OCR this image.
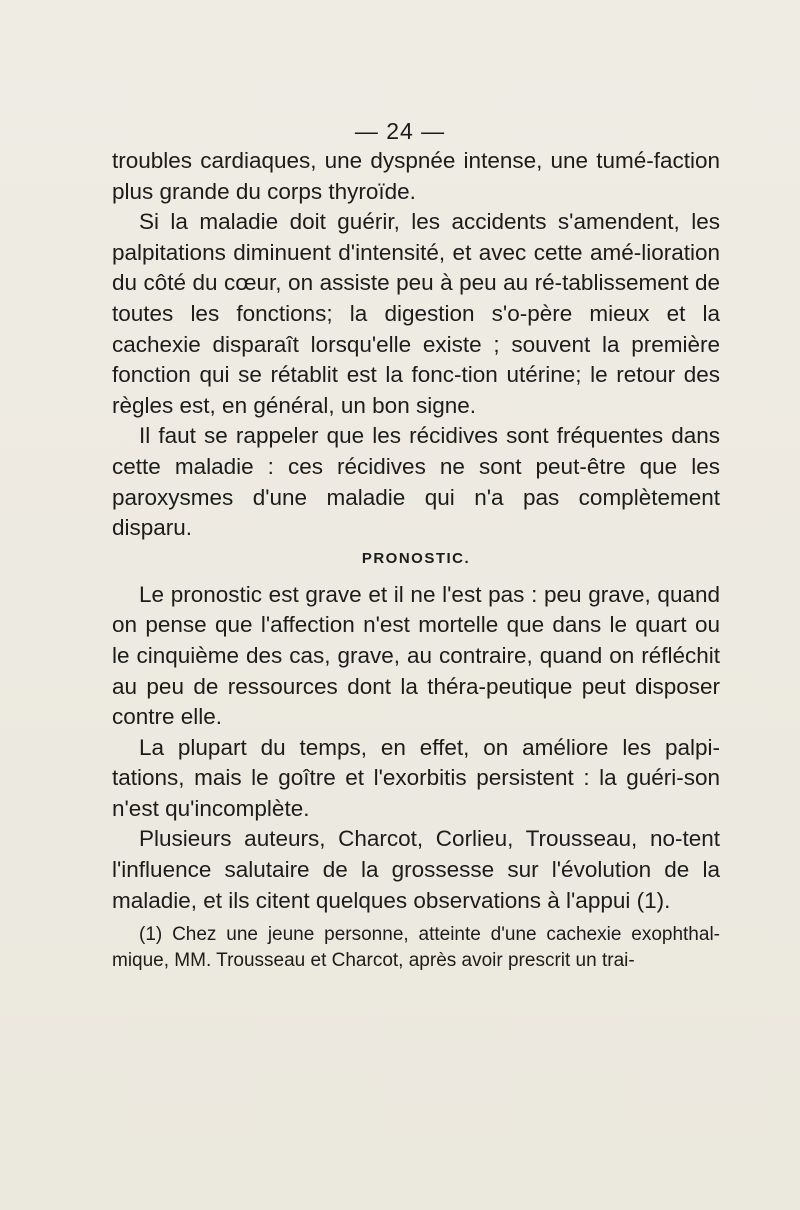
— 24 —

troubles cardiaques, une dyspnée intense, une tumé-faction plus grande du corps thyroïde.

Si la maladie doit guérir, les accidents s'amendent, les palpitations diminuent d'intensité, et avec cette amé-lioration du côté du cœur, on assiste peu à peu au ré-tablissement de toutes les fonctions; la digestion s'o-père mieux et la cachexie disparaît lorsqu'elle existe ; souvent la première fonction qui se rétablit est la fonc-tion utérine; le retour des règles est, en général, un bon signe.

Il faut se rappeler que les récidives sont fréquentes dans cette maladie : ces récidives ne sont peut-être que les paroxysmes d'une maladie qui n'a pas complètement disparu.

PRONOSTIC.

Le pronostic est grave et il ne l'est pas : peu grave, quand on pense que l'affection n'est mortelle que dans le quart ou le cinquième des cas, grave, au contraire, quand on réfléchit au peu de ressources dont la théra-peutique peut disposer contre elle.

La plupart du temps, en effet, on améliore les palpi-tations, mais le goître et l'exorbitis persistent : la guéri-son n'est qu'incomplète.

Plusieurs auteurs, Charcot, Corlieu, Trousseau, no-tent l'influence salutaire de la grossesse sur l'évolution de la maladie, et ils citent quelques observations à l'appui (1).

(1) Chez une jeune personne, atteinte d'une cachexie exophthal-mique, MM. Trousseau et Charcot, après avoir prescrit un trai-
